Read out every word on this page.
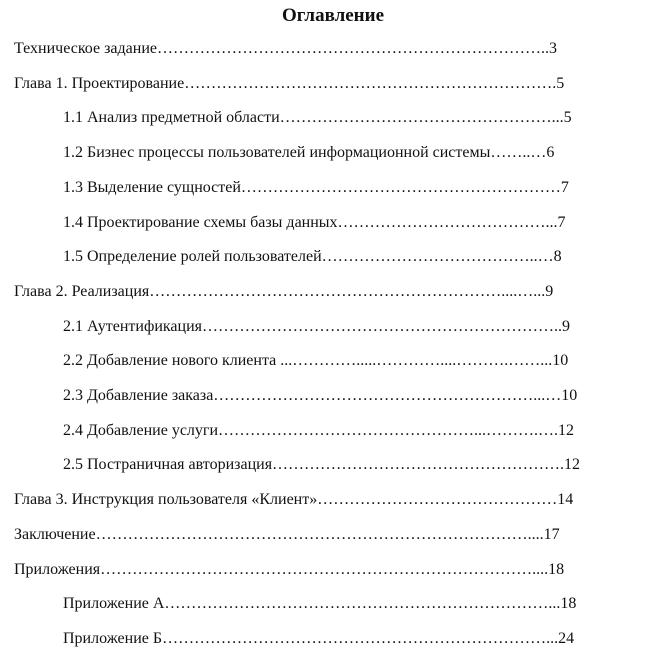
Оглавление
Техническое задание………………………………………………………………..3
Глава 1. Проектирование…………………………………………………………….5
1.1 Анализ предметной области……………………………………………...5
1.2 Бизнес процессы пользователей информационной системы……..…6
1.3 Выделение сущностей……………………………………………………7
1.4 Проектирование схемы базы данных…………………………………...7
1.5 Определение ролей пользователей…………………………………..…8
Глава 2. Реализация…………………………………………………………....…...9
2.1 Аутентификация…………………………………………………………..9
2.2 Добавление нового клиента ...………….....…………....……….……...10
2.3 Добавление заказа……………………………………………………...…10
2.4 Добавление услуги…………………………………………...……….….12
2.5 Постраничная авторизация……………………………………………….12
Глава 3. Инструкция пользователя «Клиент»………………………………………14
Заключение………………………………………………………………………....17
Приложения………………………………………………………………………....18
Приложение А………………………………………………………………...18
Приложение Б………………………………………………………………...24
